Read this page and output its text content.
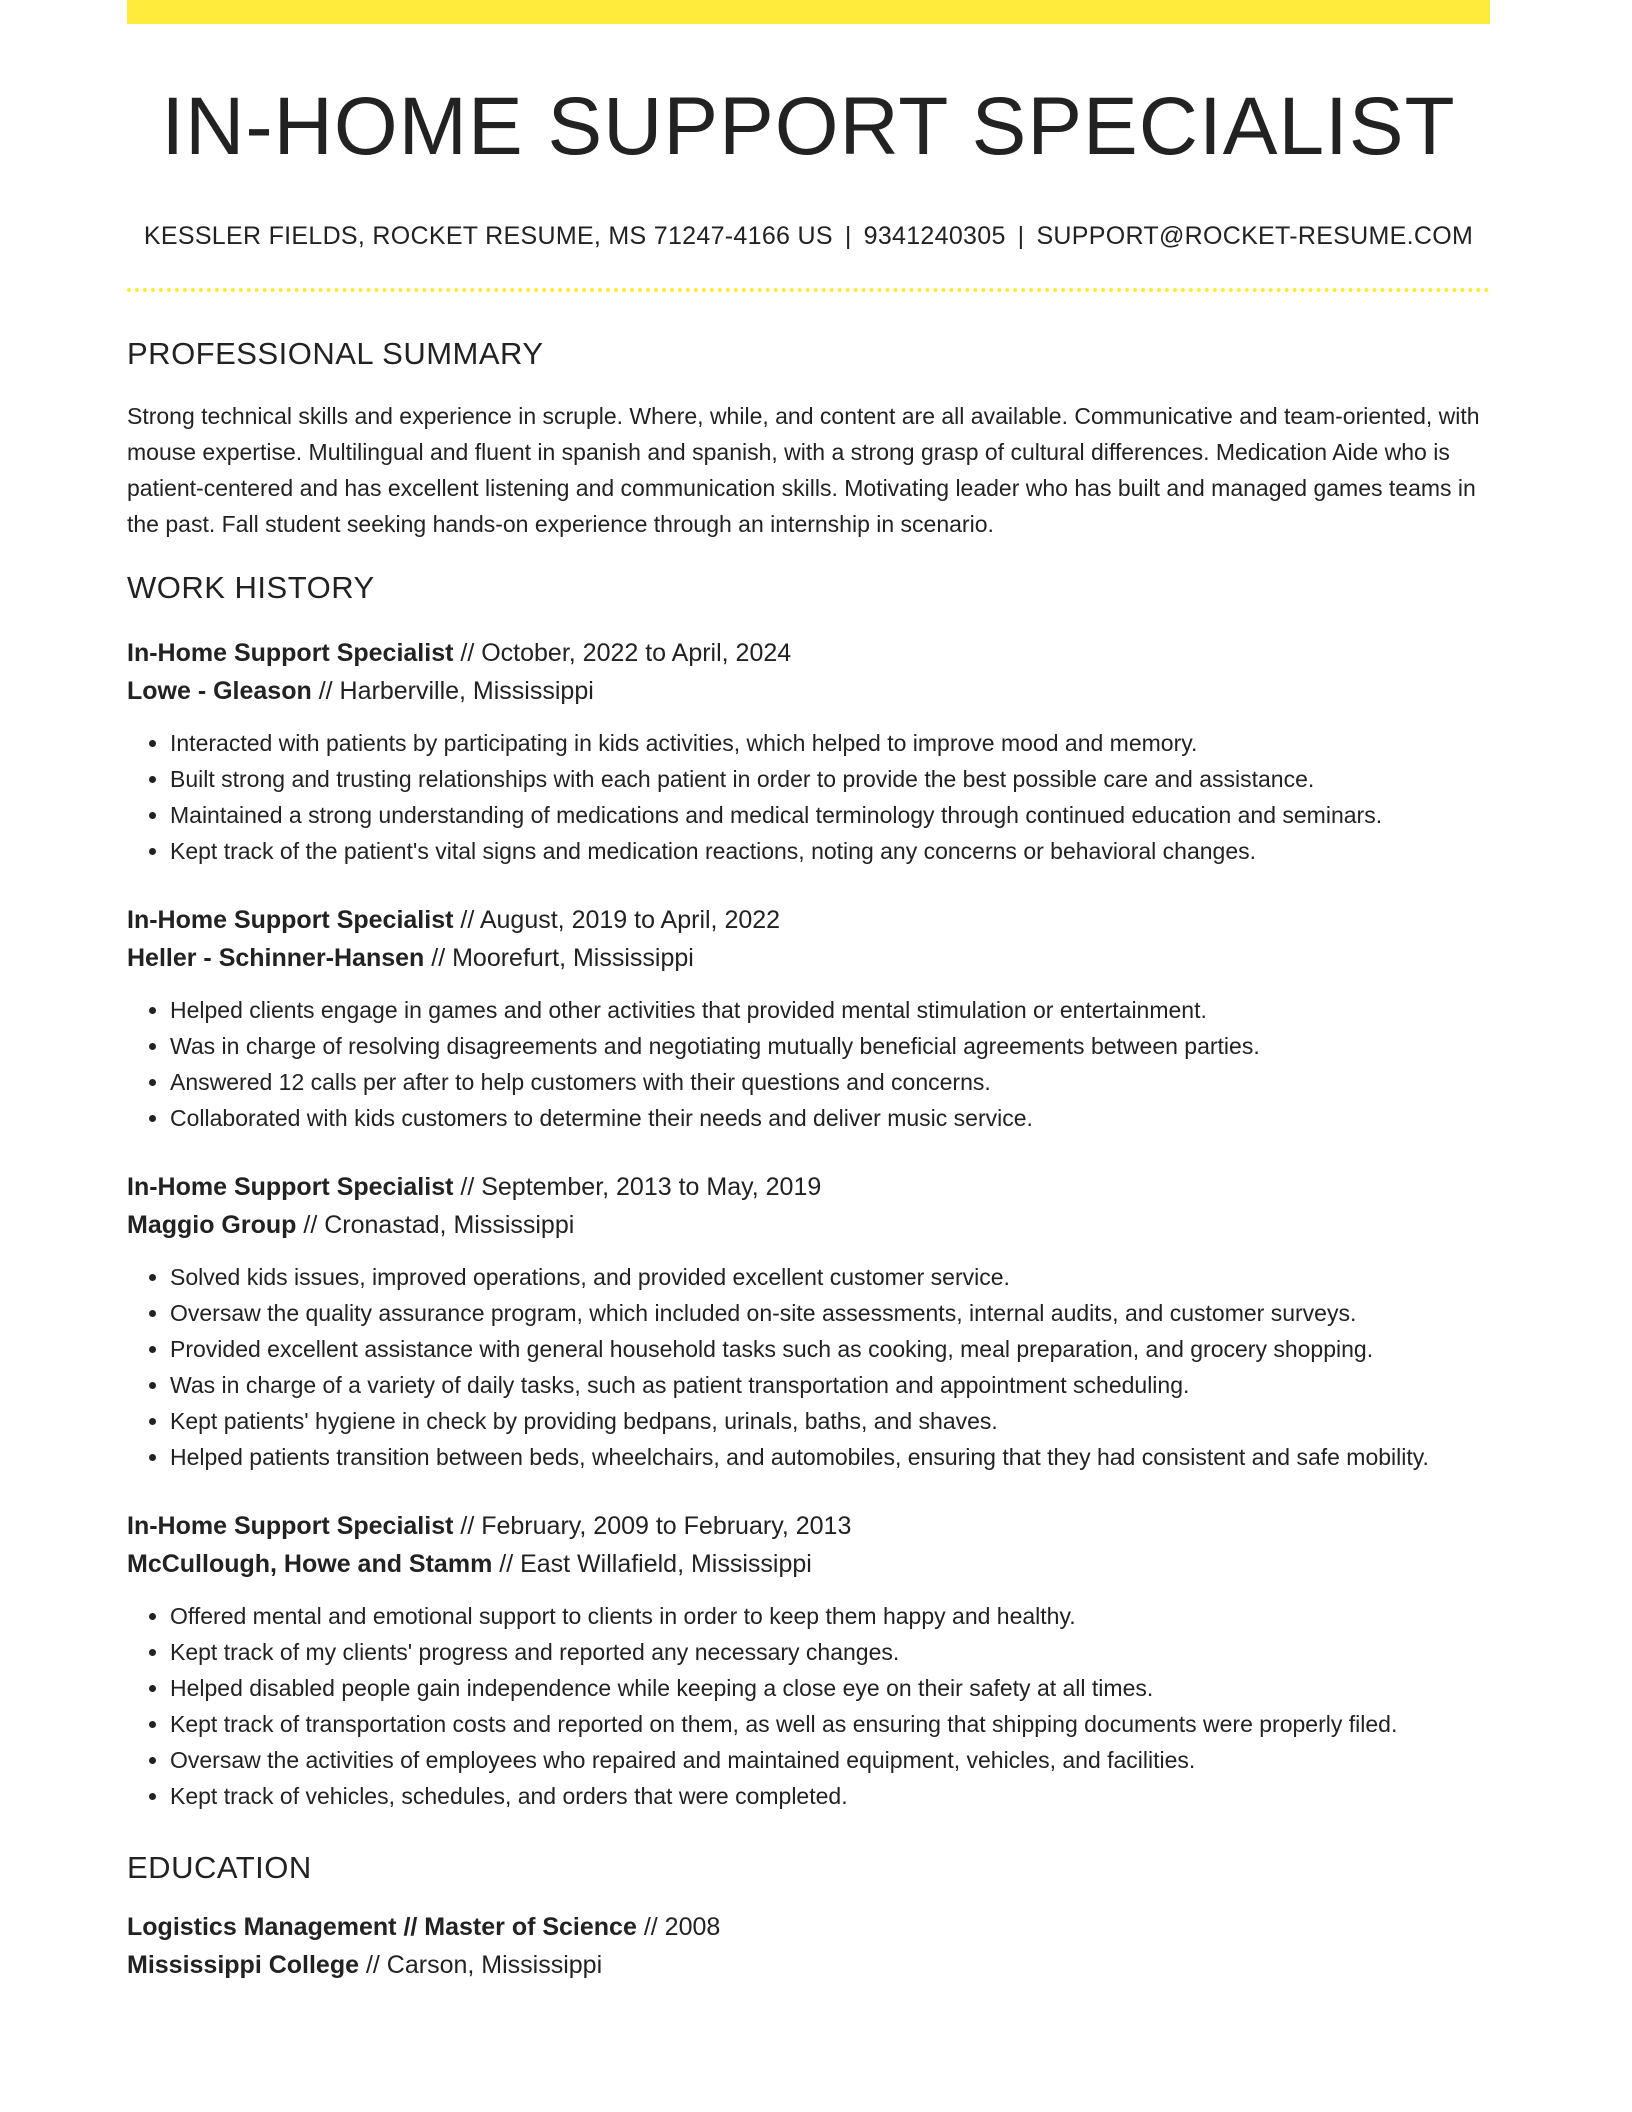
IN-HOME SUPPORT SPECIALIST
KESSLER FIELDS, ROCKET RESUME, MS 71247-4166 US | 9341240305 | SUPPORT@ROCKET-RESUME.COM
PROFESSIONAL SUMMARY
Strong technical skills and experience in scruple. Where, while, and content are all available. Communicative and team-oriented, with mouse expertise. Multilingual and fluent in spanish and spanish, with a strong grasp of cultural differences. Medication Aide who is patient-centered and has excellent listening and communication skills. Motivating leader who has built and managed games teams in the past. Fall student seeking hands-on experience through an internship in scenario.
WORK HISTORY
In-Home Support Specialist // October, 2022 to April, 2024
Lowe - Gleason // Harberville, Mississippi
• Interacted with patients by participating in kids activities, which helped to improve mood and memory.
• Built strong and trusting relationships with each patient in order to provide the best possible care and assistance.
• Maintained a strong understanding of medications and medical terminology through continued education and seminars.
• Kept track of the patient's vital signs and medication reactions, noting any concerns or behavioral changes.
In-Home Support Specialist // August, 2019 to April, 2022
Heller - Schinner-Hansen // Moorefurt, Mississippi
• Helped clients engage in games and other activities that provided mental stimulation or entertainment.
• Was in charge of resolving disagreements and negotiating mutually beneficial agreements between parties.
• Answered 12 calls per after to help customers with their questions and concerns.
• Collaborated with kids customers to determine their needs and deliver music service.
In-Home Support Specialist // September, 2013 to May, 2019
Maggio Group // Cronastad, Mississippi
• Solved kids issues, improved operations, and provided excellent customer service.
• Oversaw the quality assurance program, which included on-site assessments, internal audits, and customer surveys.
• Provided excellent assistance with general household tasks such as cooking, meal preparation, and grocery shopping.
• Was in charge of a variety of daily tasks, such as patient transportation and appointment scheduling.
• Kept patients' hygiene in check by providing bedpans, urinals, baths, and shaves.
• Helped patients transition between beds, wheelchairs, and automobiles, ensuring that they had consistent and safe mobility.
In-Home Support Specialist // February, 2009 to February, 2013
McCullough, Howe and Stamm // East Willafield, Mississippi
• Offered mental and emotional support to clients in order to keep them happy and healthy.
• Kept track of my clients' progress and reported any necessary changes.
• Helped disabled people gain independence while keeping a close eye on their safety at all times.
• Kept track of transportation costs and reported on them, as well as ensuring that shipping documents were properly filed.
• Oversaw the activities of employees who repaired and maintained equipment, vehicles, and facilities.
• Kept track of vehicles, schedules, and orders that were completed.
EDUCATION
Logistics Management // Master of Science // 2008
Mississippi College // Carson, Mississippi
